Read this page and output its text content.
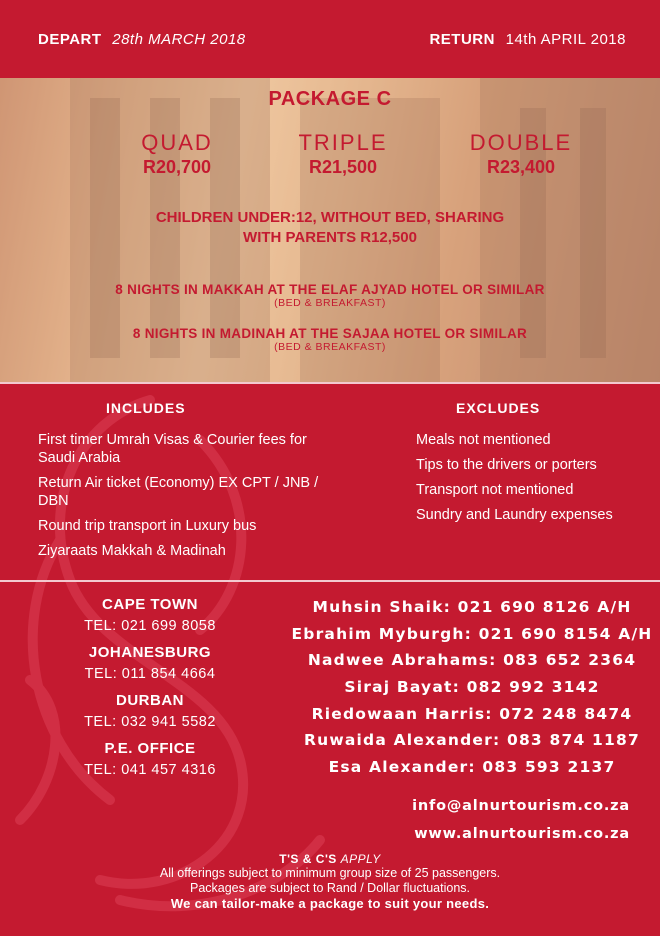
DEPART 28th MARCH 2018	RETURN 14th APRIL 2018
PACKAGE C
QUAD
R20,700
TRIPLE
R21,500
DOUBLE
R23,400
CHILDREN UNDER:12, WITHOUT BED, SHARING
WITH PARENTS R12,500
8 NIGHTS IN MAKKAH AT THE ELAF AJYAD HOTEL OR SIMILAR
(BED & BREAKFAST)
8 NIGHTS IN MADINAH AT THE SAJAA HOTEL OR SIMILAR
(BED & BREAKFAST)
INCLUDES
First timer Umrah Visas & Courier fees for Saudi Arabia
Return Air ticket (Economy) EX CPT / JNB / DBN
Round trip transport in Luxury bus
Ziyaraats Makkah & Madinah
EXCLUDES
Meals not mentioned
Tips to the drivers or porters
Transport not mentioned
Sundry and Laundry expenses
CAPE TOWN
TEL: 021 699 8058
JOHANESBURG
TEL: 011 854 4664
DURBAN
TEL: 032 941 5582
P.E. OFFICE
TEL: 041 457 4316
Muhsin Shaik: 021 690 8126 A/H
Ebrahim Myburgh: 021 690 8154 A/H
Nadwee Abrahams: 083 652 2364
Siraj Bayat: 082 992 3142
Riedowaan Harris: 072 248 8474
Ruwaida Alexander: 083 874 1187
Esa Alexander: 083 593 2137
info@alnurtourism.co.za
www.alnurtourism.co.za
T'S & C'S APPLY
All offerings subject to minimum group size of 25 passengers.
Packages are subject to Rand / Dollar fluctuations.
We can tailor-make a package to suit your needs.
